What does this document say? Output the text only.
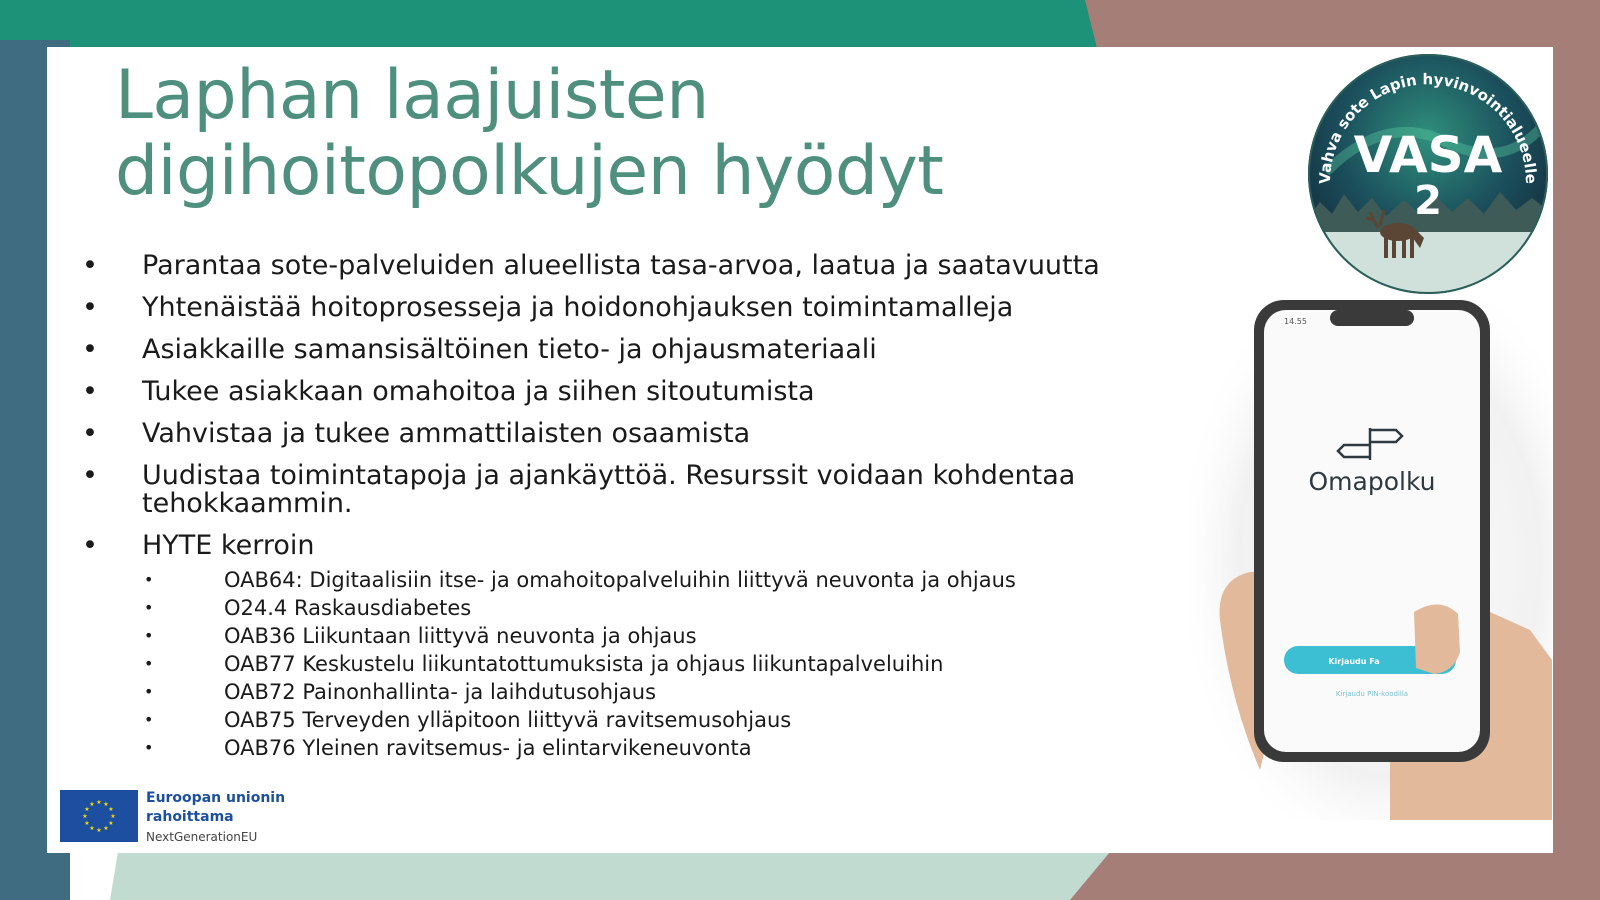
Laphan laajuisten
digihoitopolkujen hyödyt
• Parantaa sote-palveluiden alueellista tasa-arvoa, laatua ja saatavuutta
• Yhtenäistää hoitoprosesseja ja hoidonohjauksen toimintamalleja
• Asiakkaille samansisältöinen tieto- ja ohjausmateriaali
• Tukee asiakkaan omahoitoa ja siihen sitoutumista
• Vahvistaa ja tukee ammattilaisten osaamista
• Uudistaa toimintatapoja ja ajankäyttöä. Resurssit voidaan kohdentaa tehokkaammin.
• HYTE kerroin
•	OAB64: Digitaalisiin itse- ja omahoitopalveluihin liittyvä neuvonta ja ohjaus
•	O24.4 Raskausdiabetes
•	OAB36 Liikuntaan liittyvä neuvonta ja ohjaus
•	OAB77 Keskustelu liikuntatottumuksista ja ohjaus liikuntapalveluihin
•	OAB72 Painonhallinta- ja laihdutusohjaus
•	OAB75 Terveyden ylläpitoon liittyvä ravitsemusohjaus
•	OAB76 Yleinen ravitsemus- ja elintarvikeneuvonta
Vahva sote Lapin hyvinvointialueelle
VASA
2
14.55
Omapolku
Kirjaudu Fa
Kirjaudu PIN-koodilla
★ ★
★
★
★
★
★
★
★
★
★
★	Euroopan unionin
rahoittama
NextGenerationEU
